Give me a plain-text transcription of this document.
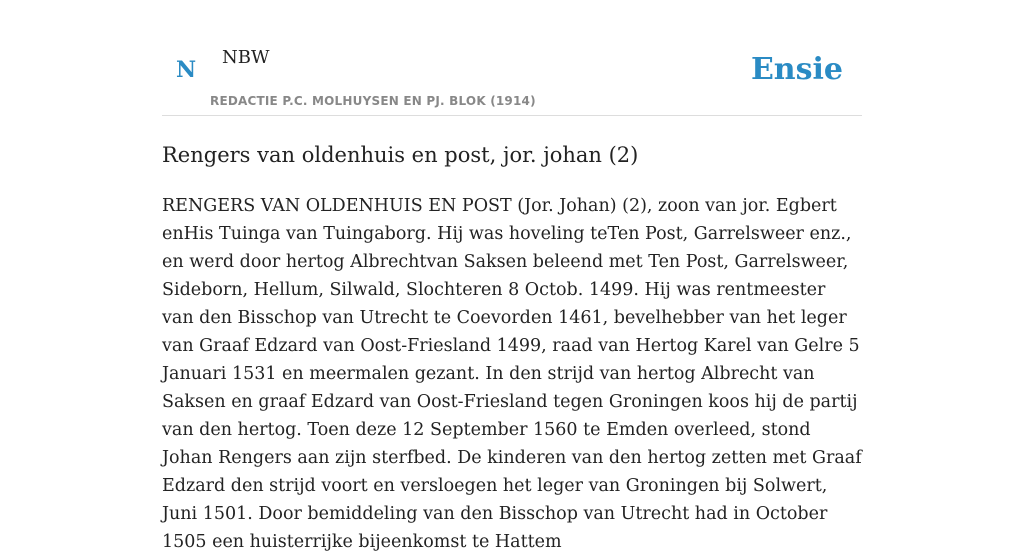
N NBW	Ensie
REDACTIE P.C. MOLHUYSEN EN PJ. BLOK (1914)
Rengers van oldenhuis en post, jor. johan (2)

RENGERS VAN OLDENHUIS EN POST (Jor. Johan) (2), zoon van jor. Egbert enHis Tuinga van Tuingaborg. Hij was hoveling teTen Post, Garrelsweer enz., en werd door hertog Albrechtvan Saksen beleend met Ten Post, Garrelsweer, Sideborn, Hellum, Silwald, Slochteren 8 Octob. 1499. Hij was rentmeester van den Bisschop van Utrecht te Coevorden 1461, bevelhebber van het leger van Graaf Edzard van Oost-Friesland 1499, raad van Hertog Karel van Gelre 5 Januari 1531 en meermalen gezant. In den strijd van hertog Albrecht van Saksen en graaf Edzard van Oost-Friesland tegen Groningen koos hij de partij van den hertog. Toen deze 12 September 1560 te Emden overleed, stond Johan Rengers aan zijn sterfbed. De kinderen van den hertog zetten met Graaf Edzard den strijd voort en versloegen het leger van Groningen bij Solwert, Juni 1501. Door bemiddeling van den Bisschop van Utrecht had in October 1505 een huisterrijke bijeenkomst te Hattem
